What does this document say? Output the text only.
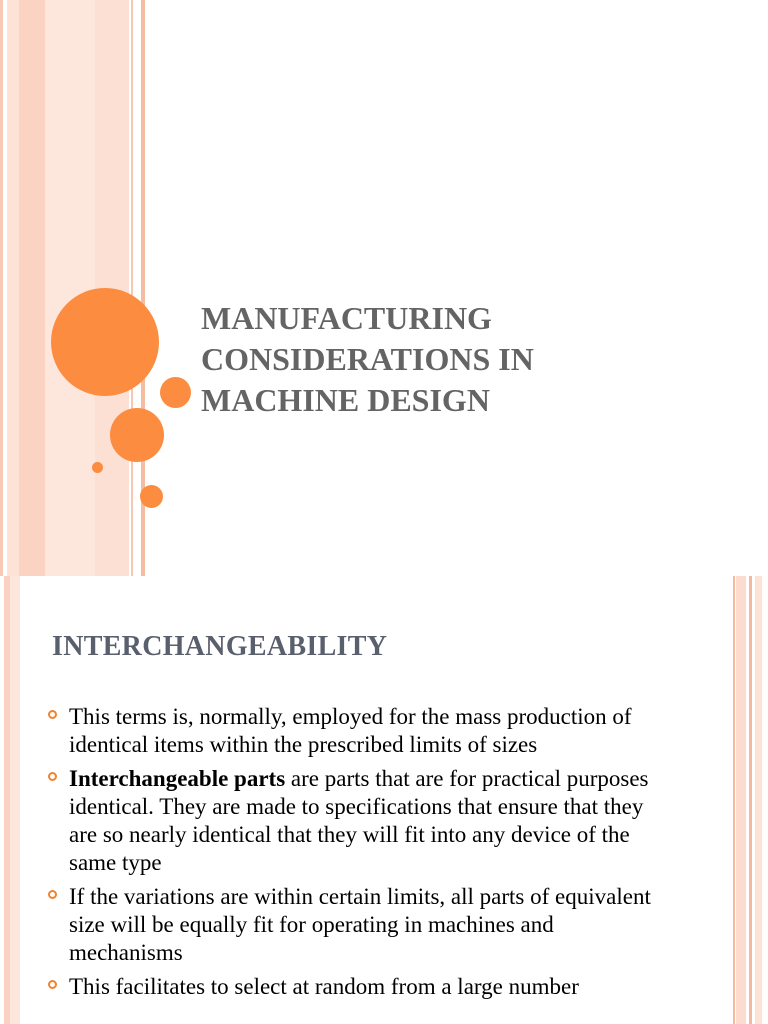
MANUFACTURING
CONSIDERATIONS IN
MACHINE DESIGN
INTERCHANGEABILITY
This terms is, normally, employed for the mass production of identical items within the prescribed limits of sizes
Interchangeable parts are parts that are for practical purposes identical. They are made to specifications that ensure that they are so nearly identical that they will fit into any device of the same type
If the variations are within certain limits, all parts of equivalent size will be equally fit for operating in machines and mechanisms
This facilitates to select at random from a large number
